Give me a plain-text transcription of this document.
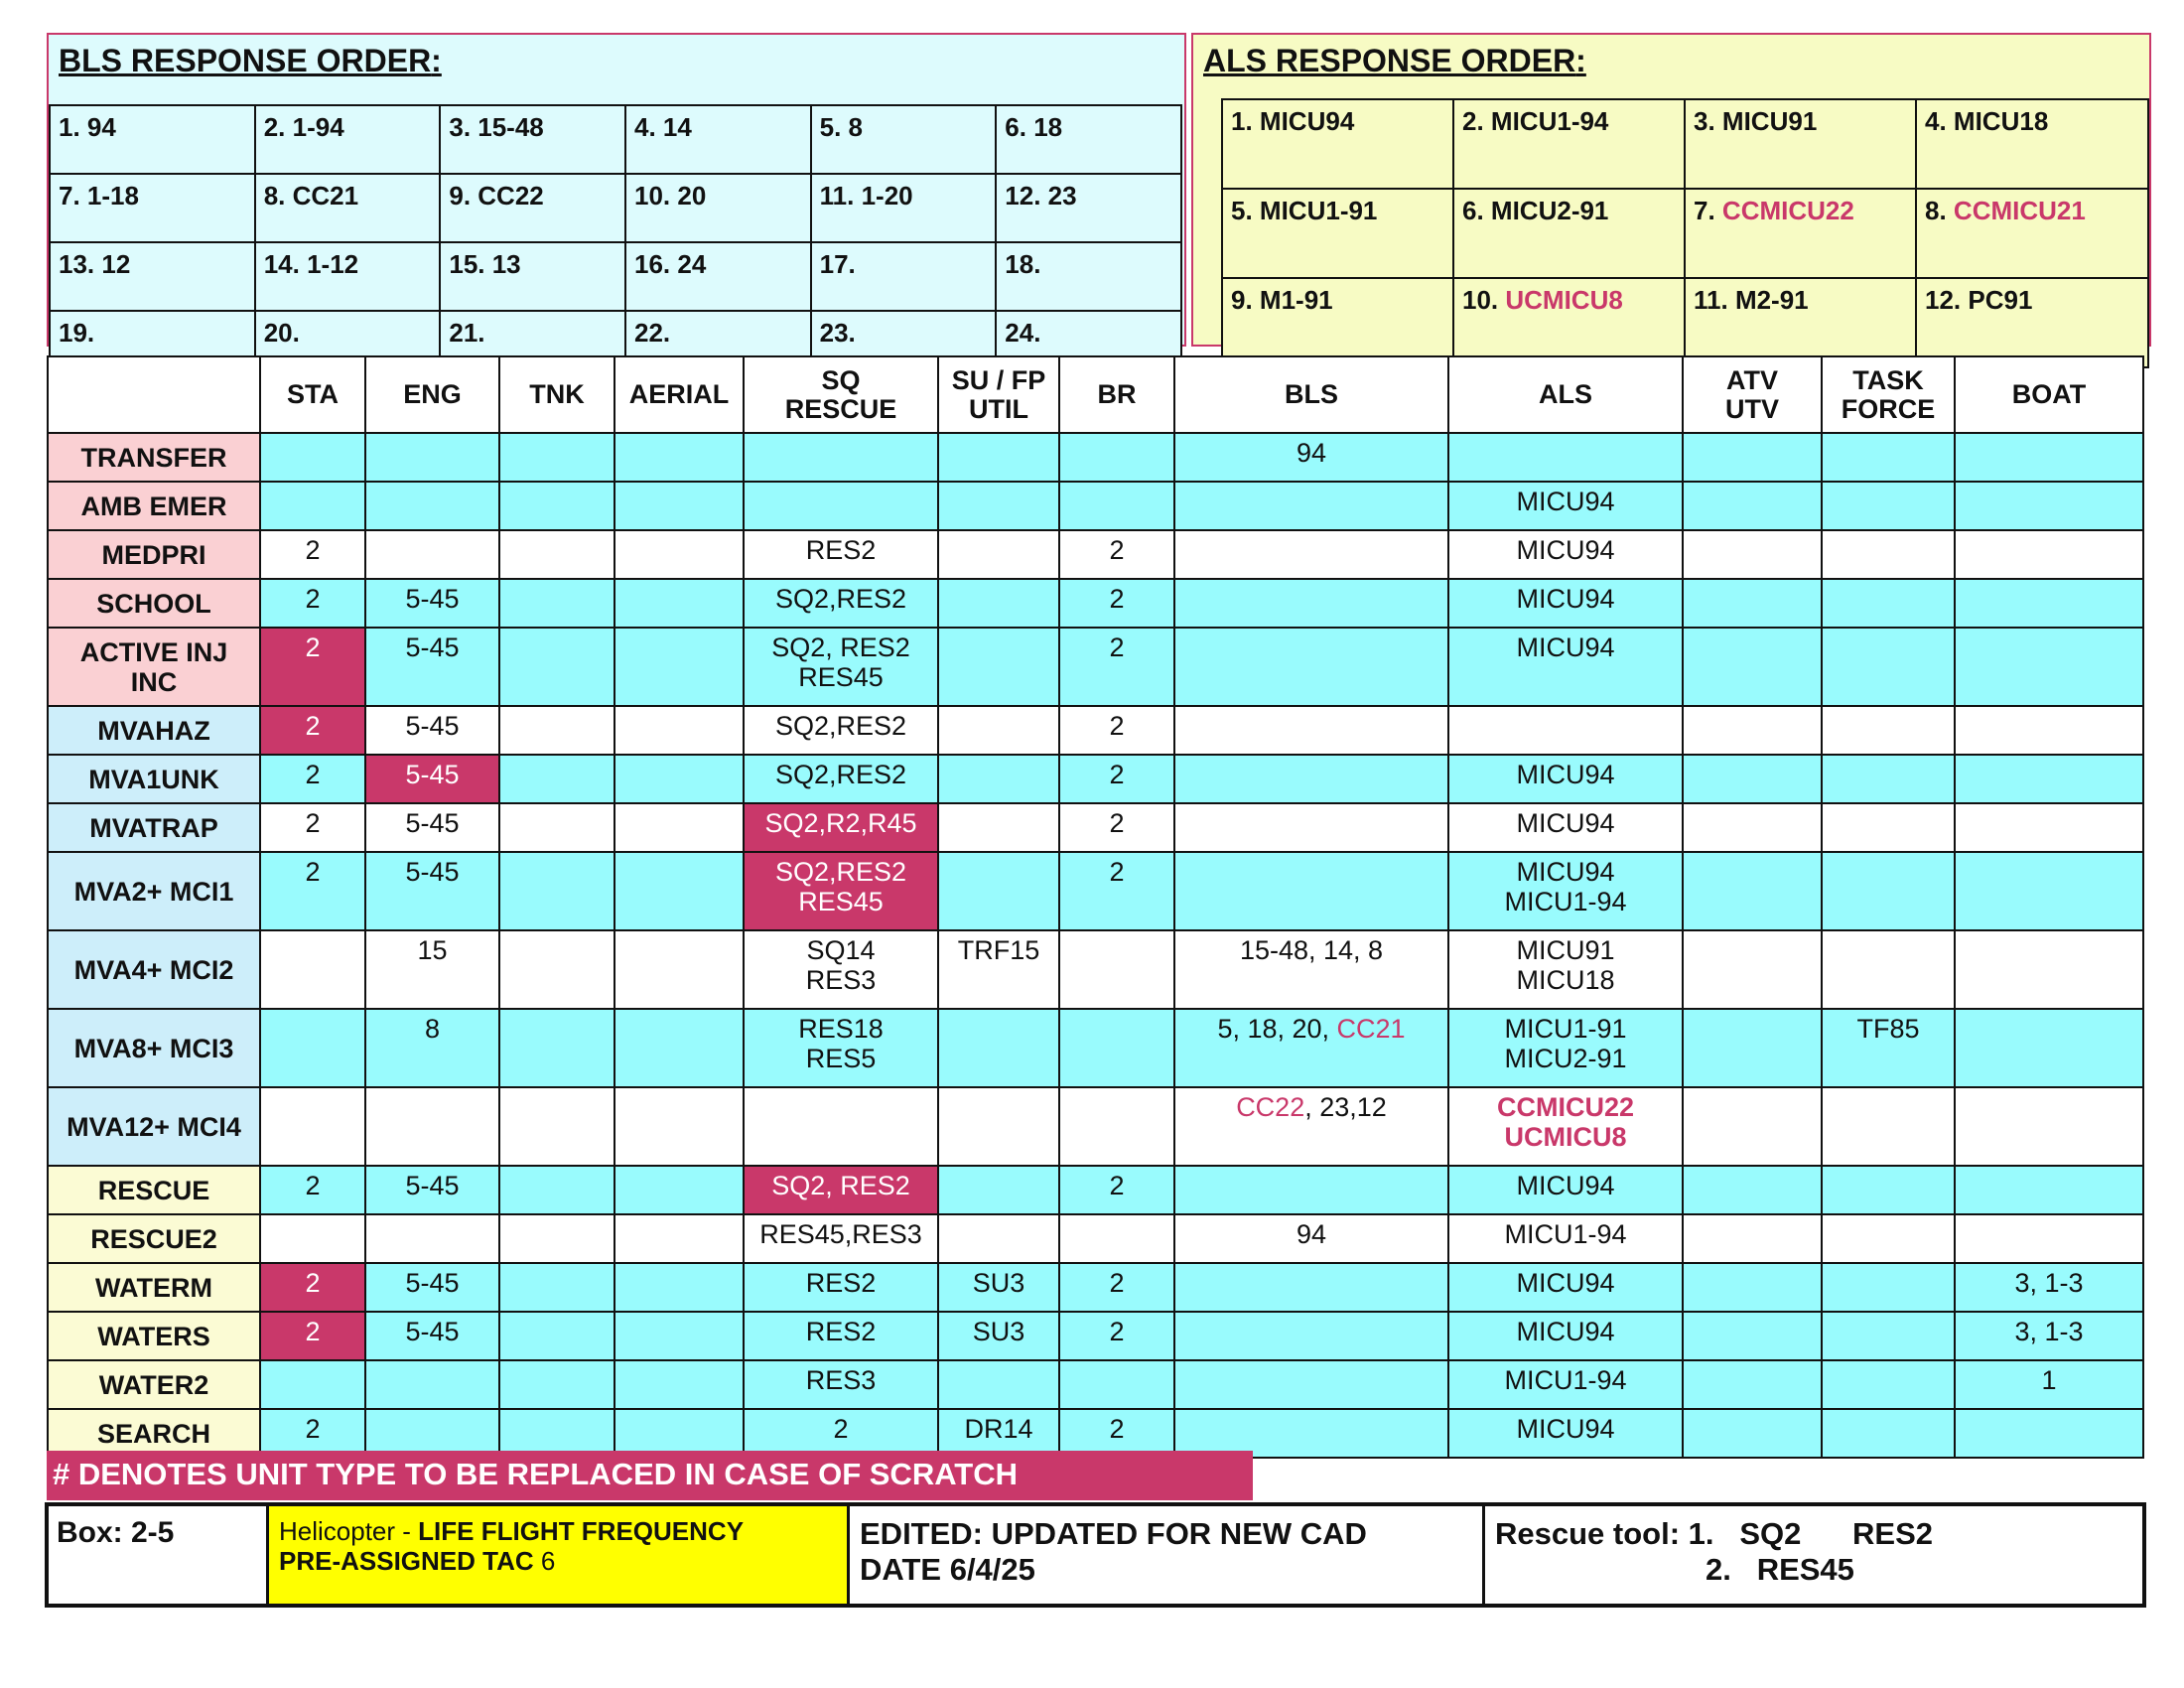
BLS RESPONSE ORDER:
1. 94	2. 1-94	3. 15-48	4. 14	5. 8	6. 18
7. 1-18	8. CC21	9. CC22	10. 20	11. 1-20	12. 23
13. 12	14. 1-12	15. 13	16. 24	17.	18.
19.	20.	21.	22.	23.	24.
ALS RESPONSE ORDER:
1. MICU94	2. MICU1-94	3. MICU91	4. MICU18
5. MICU1-91	6. MICU2-91	7. CCMICU22	8. CCMICU21
9. M1-91	10. UCMICU8	11. M2-91	12. PC91
	STA	ENG	TNK	AERIAL	SQ
RESCUE	SU / FP
UTIL	BR	BLS	ALS	ATV
UTV	TASK
FORCE	BOAT
TRANSFER								94				
AMB EMER									MICU94			
MEDPRI	2				RES2		2		MICU94			
SCHOOL	2	5-45			SQ2,RES2		2		MICU94			
ACTIVE INJ
INC	2	5-45			SQ2, RES2
RES45		2		MICU94			
MVAHAZ	2	5-45			SQ2,RES2		2					
MVA1UNK	2	5-45			SQ2,RES2		2		MICU94			
MVATRAP	2	5-45			SQ2,R2,R45		2		MICU94			
MVA2+ MCI1	2	5-45			SQ2,RES2
RES45		2		MICU94
MICU1-94			
MVA4+ MCI2		15			SQ14
RES3	TRF15		15-48, 14, 8	MICU91
MICU18			
MVA8+ MCI3		8			RES18
RES5			5, 18, 20, CC21	MICU1-91
MICU2-91		TF85	
MVA12+ MCI4								CC22, 23,12	CCMICU22
UCMICU8			
RESCUE	2	5-45			SQ2, RES2		2		MICU94			
RESCUE2					RES45,RES3			94	MICU1-94			
WATERM	2	5-45			RES2	SU3	2		MICU94			3, 1-3
WATERS	2	5-45			RES2	SU3	2		MICU94			3, 1-3
WATER2					RES3				MICU1-94			1
SEARCH	2				2	DR14	2		MICU94			
# DENOTES UNIT TYPE TO BE REPLACED IN CASE OF SCRATCH
Box: 2-5	Helicopter - LIFE FLIGHT FREQUENCY
PRE-ASSIGNED TAC 6
EDITED: UPDATED FOR NEW CAD
DATE 6/4/25
Rescue tool: 1.   SQ2      RES2
2.   RES45
